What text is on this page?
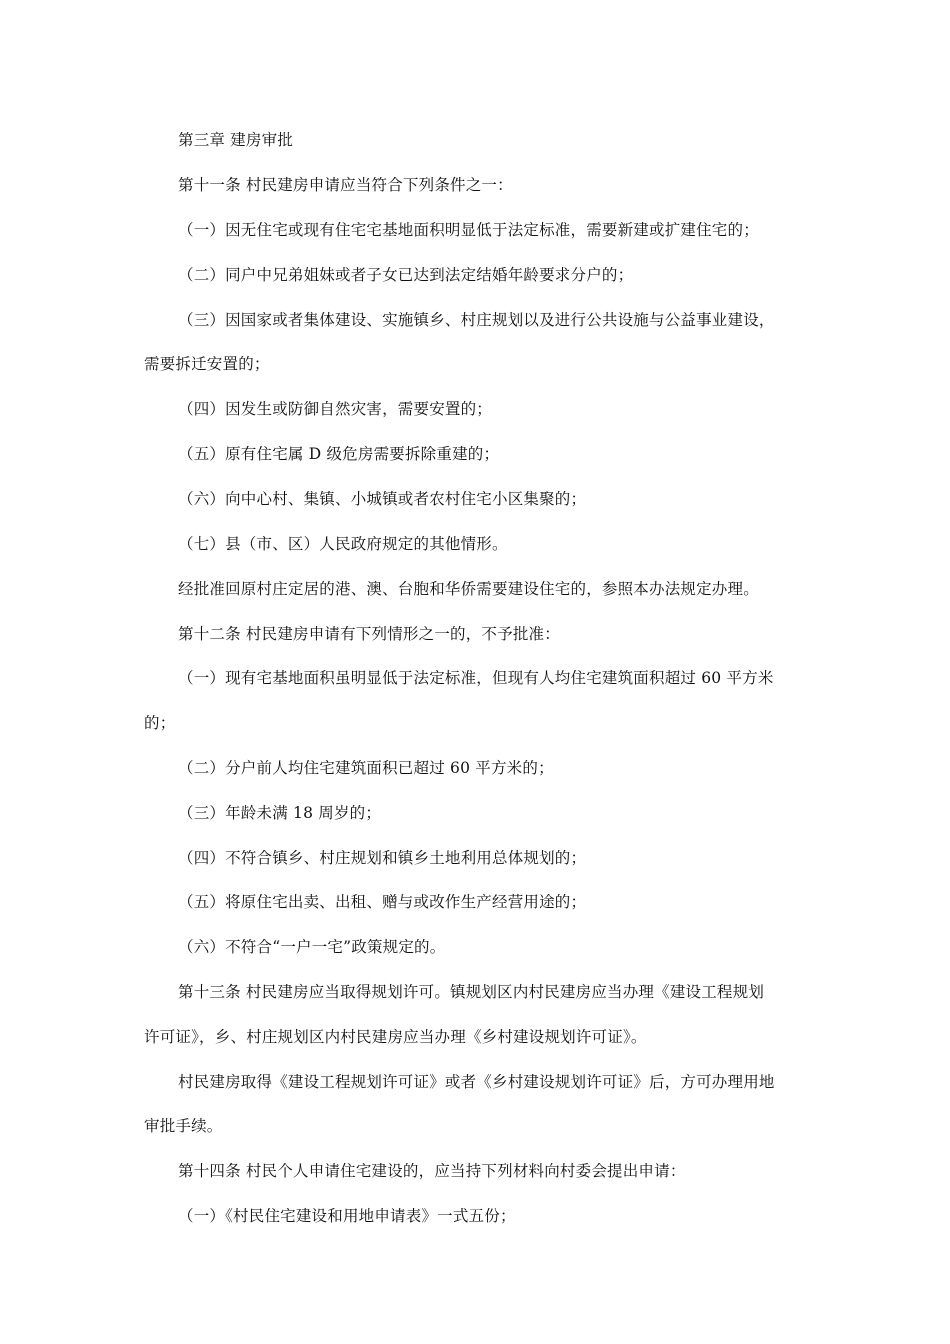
第三章 建房审批
第十一条 村民建房申请应当符合下列条件之一：
（一）因无住宅或现有住宅宅基地面积明显低于法定标准，需要新建或扩建住宅的；
（二）同户中兄弟姐妹或者子女已达到法定结婚年龄要求分户的；
（三）因国家或者集体建设、实施镇乡、村庄规划以及进行公共设施与公益事业建设，
需要拆迁安置的；
（四）因发生或防御自然灾害，需要安置的；
（五）原有住宅属 D 级危房需要拆除重建的；
（六）向中心村、集镇、小城镇或者农村住宅小区集聚的；
（七）县（市、区）人民政府规定的其他情形。
经批准回原村庄定居的港、澳、台胞和华侨需要建设住宅的，参照本办法规定办理。
第十二条 村民建房申请有下列情形之一的，不予批准：
（一）现有宅基地面积虽明显低于法定标准，但现有人均住宅建筑面积超过 60 平方米
的；
（二）分户前人均住宅建筑面积已超过 60 平方米的；
（三）年龄未满 18 周岁的；
（四）不符合镇乡、村庄规划和镇乡土地利用总体规划的；
（五）将原住宅出卖、出租、赠与或改作生产经营用途的；
（六）不符合“一户一宅”政策规定的。
第十三条 村民建房应当取得规划许可。镇规划区内村民建房应当办理《建设工程规划
许可证》，乡、村庄规划区内村民建房应当办理《乡村建设规划许可证》。
村民建房取得《建设工程规划许可证》或者《乡村建设规划许可证》后，方可办理用地
审批手续。
第十四条 村民个人申请住宅建设的，应当持下列材料向村委会提出申请：
（一）《村民住宅建设和用地申请表》一式五份；
